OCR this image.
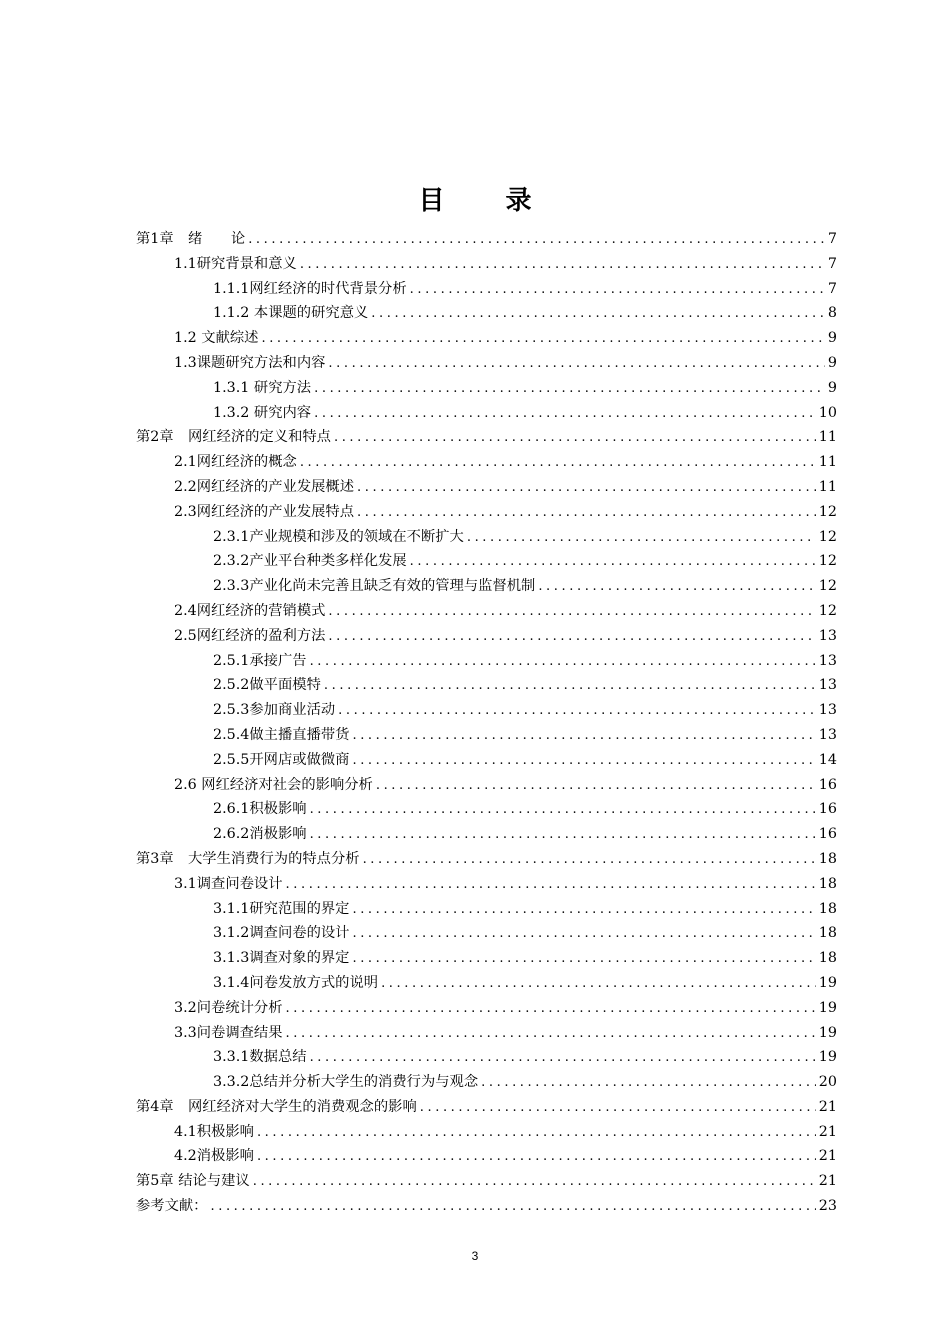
目 录
第1章　绪　　论 .....	7
1.1研究背景和意义 .....	7
1.1.1网红经济的时代背景分析 .....	7
1.1.2 本课题的研究意义 .....	8
1.2 文献综述 .....	9
1.3课题研究方法和内容 .....	9
1.3.1 研究方法 .....	9
1.3.2 研究内容 .....	10
第2章　网红经济的定义和特点 .....	11
2.1网红经济的概念 .....	11
2.2网红经济的产业发展概述 .....	11
2.3网红经济的产业发展特点 .....	12
2.3.1产业规模和涉及的领域在不断扩大 .....	12
2.3.2产业平台种类多样化发展 .....	12
2.3.3产业化尚未完善且缺乏有效的管理与监督机制 .....	12
2.4网红经济的营销模式 .....	12
2.5网红经济的盈利方法 .....	13
2.5.1承接广告 .....	13
2.5.2做平面模特 .....	13
2.5.3参加商业活动 .....	13
2.5.4做主播直播带货 .....	13
2.5.5开网店或做微商 .....	14
2.6 网红经济对社会的影响分析 .....	16
2.6.1积极影响 .....	16
2.6.2消极影响 .....	16
第3章　大学生消费行为的特点分析 .....	18
3.1调查问卷设计 .....	18
3.1.1研究范围的界定 .....	18
3.1.2调查问卷的设计 .....	18
3.1.3调查对象的界定 .....	18
3.1.4问卷发放方式的说明 .....	19
3.2问卷统计分析 .....	19
3.3问卷调查结果 .....	19
3.3.1数据总结 .....	19
3.3.2总结并分析大学生的消费行为与观念 .....	20
第4章　网红经济对大学生的消费观念的影响 .....	21
4.1积极影响 .....	21
4.2消极影响 .....	21
第5章 结论与建议 .....	21
参考文献： .....	23
3
